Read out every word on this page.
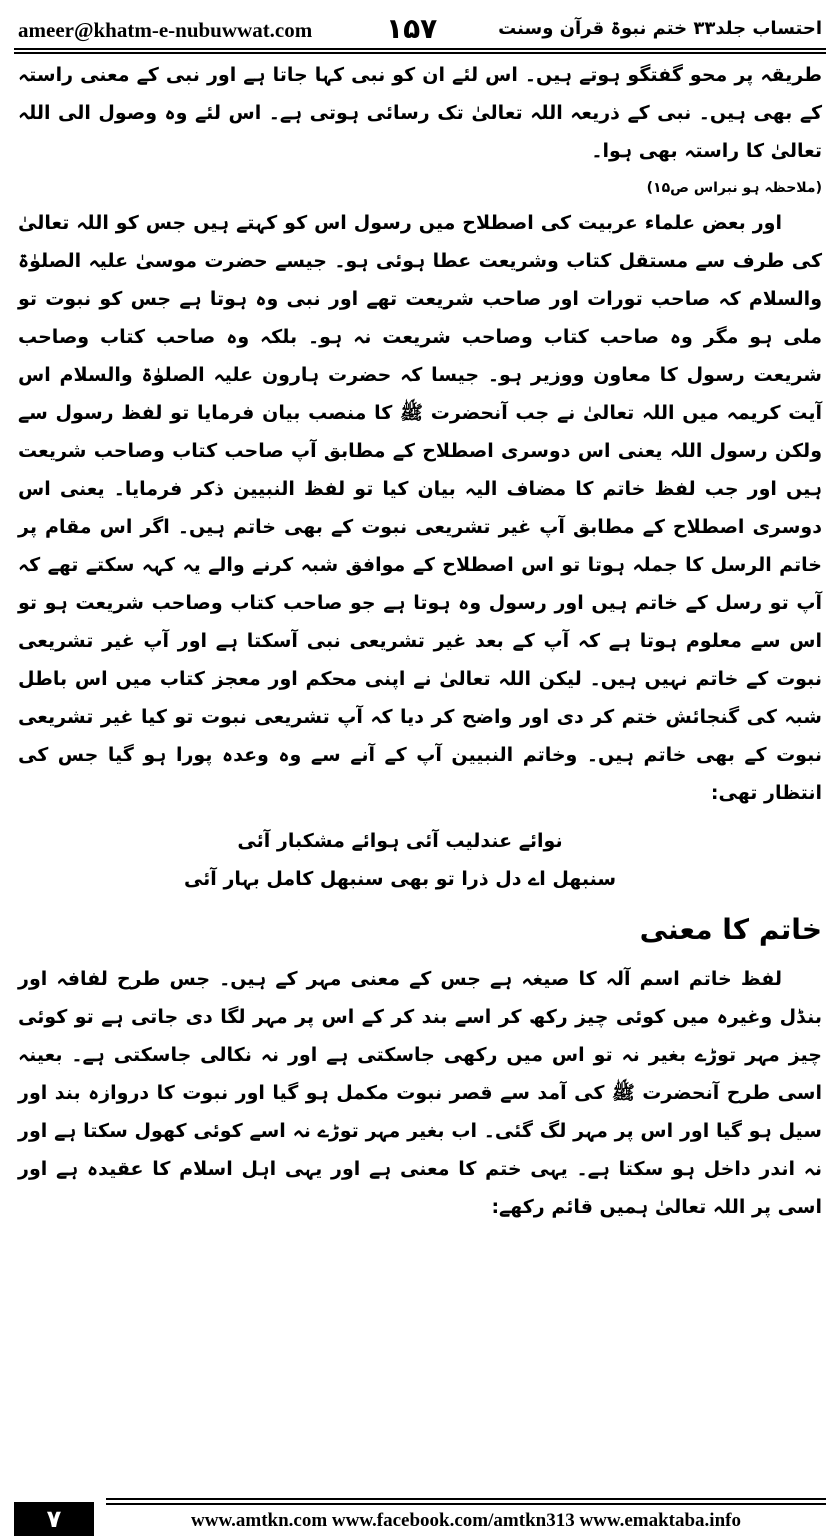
ameer@khatm-e-nubuwwat.com	۱۵۷	احتساب جلد۳۳ ختم نبوۃ قرآن وسنت

طریقہ پر محو گفتگو ہوتے ہیں۔ اس لئے ان کو نبی کہا جاتا ہے اور نبی کے معنی راستہ کے بھی ہیں۔ نبی کے ذریعہ اللہ تعالیٰ تک رسائی ہوتی ہے۔ اس لئے وہ وصول الی اللہ تعالیٰ کا راستہ بھی ہوا۔

(ملاحظہ ہو نبراس ص۱۵)

اور بعض علماء عربیت کی اصطلاح میں رسول اس کو کہتے ہیں جس کو اللہ تعالیٰ کی طرف سے مستقل کتاب وشریعت عطا ہوئی ہو۔ جیسے حضرت موسیٰ علیہ الصلوٰۃ والسلام کہ صاحب تورات اور صاحب شریعت تھے اور نبی وہ ہوتا ہے جس کو نبوت تو ملی ہو مگر وہ صاحب کتاب وصاحب شریعت نہ ہو۔ بلکہ وہ صاحب کتاب وصاحب شریعت رسول کا معاون ووزیر ہو۔ جیسا کہ حضرت ہارون علیہ الصلوٰۃ والسلام اس آیت کریمہ میں اللہ تعالیٰ نے جب آنحضرت ﷺ کا منصب بیان فرمایا تو لفظ رسول سے ولکن رسول اللہ یعنی اس دوسری اصطلاح کے مطابق آپ صاحب کتاب وصاحب شریعت ہیں اور جب لفظ خاتم کا مضاف الیہ بیان کیا تو لفظ النبیین ذکر فرمایا۔ یعنی اس دوسری اصطلاح کے مطابق آپ غیر تشریعی نبوت کے بھی خاتم ہیں۔ اگر اس مقام پر خاتم الرسل کا جملہ ہوتا تو اس اصطلاح کے موافق شبہ کرنے والے یہ کہہ سکتے تھے کہ آپ تو رسل کے خاتم ہیں اور رسول وہ ہوتا ہے جو صاحب کتاب وصاحب شریعت ہو تو اس سے معلوم ہوتا ہے کہ آپ کے بعد غیر تشریعی نبی آسکتا ہے اور آپ غیر تشریعی نبوت کے خاتم نہیں ہیں۔ لیکن اللہ تعالیٰ نے اپنی محکم اور معجز کتاب میں اس باطل شبہ کی گنجائش ختم کر دی اور واضح کر دیا کہ آپ تشریعی نبوت تو کیا غیر تشریعی نبوت کے بھی خاتم ہیں۔ وخاتم النبیین آپ کے آنے سے وہ وعدہ پورا ہو گیا جس کی انتظار تھی:

نوائے عندلیب آئی ہوائے مشکبار آئی
سنبھل اے دل ذرا تو بھی سنبھل کامل بہار آئی
خاتم کا معنی

لفظ خاتم اسم آلہ کا صیغہ ہے جس کے معنی مہر کے ہیں۔ جس طرح لفافہ اور بنڈل وغیرہ میں کوئی چیز رکھ کر اسے بند کر کے اس پر مہر لگا دی جاتی ہے تو کوئی چیز مہر توڑے بغیر نہ تو اس میں رکھی جاسکتی ہے اور نہ نکالی جاسکتی ہے۔ بعینہ اسی طرح آنحضرت ﷺ کی آمد سے قصر نبوت مکمل ہو گیا اور نبوت کا دروازہ بند اور سیل ہو گیا اور اس پر مہر لگ گئی۔ اب بغیر مہر توڑے نہ اسے کوئی کھول سکتا ہے اور نہ اندر داخل ہو سکتا ہے۔ یہی ختم کا معنی ہے اور یہی اہل اسلام کا عقیدہ ہے اور اسی پر اللہ تعالیٰ ہمیں قائم رکھے:

۷	www.amtkn.com www.facebook.com/amtkn313 www.emaktaba.info
